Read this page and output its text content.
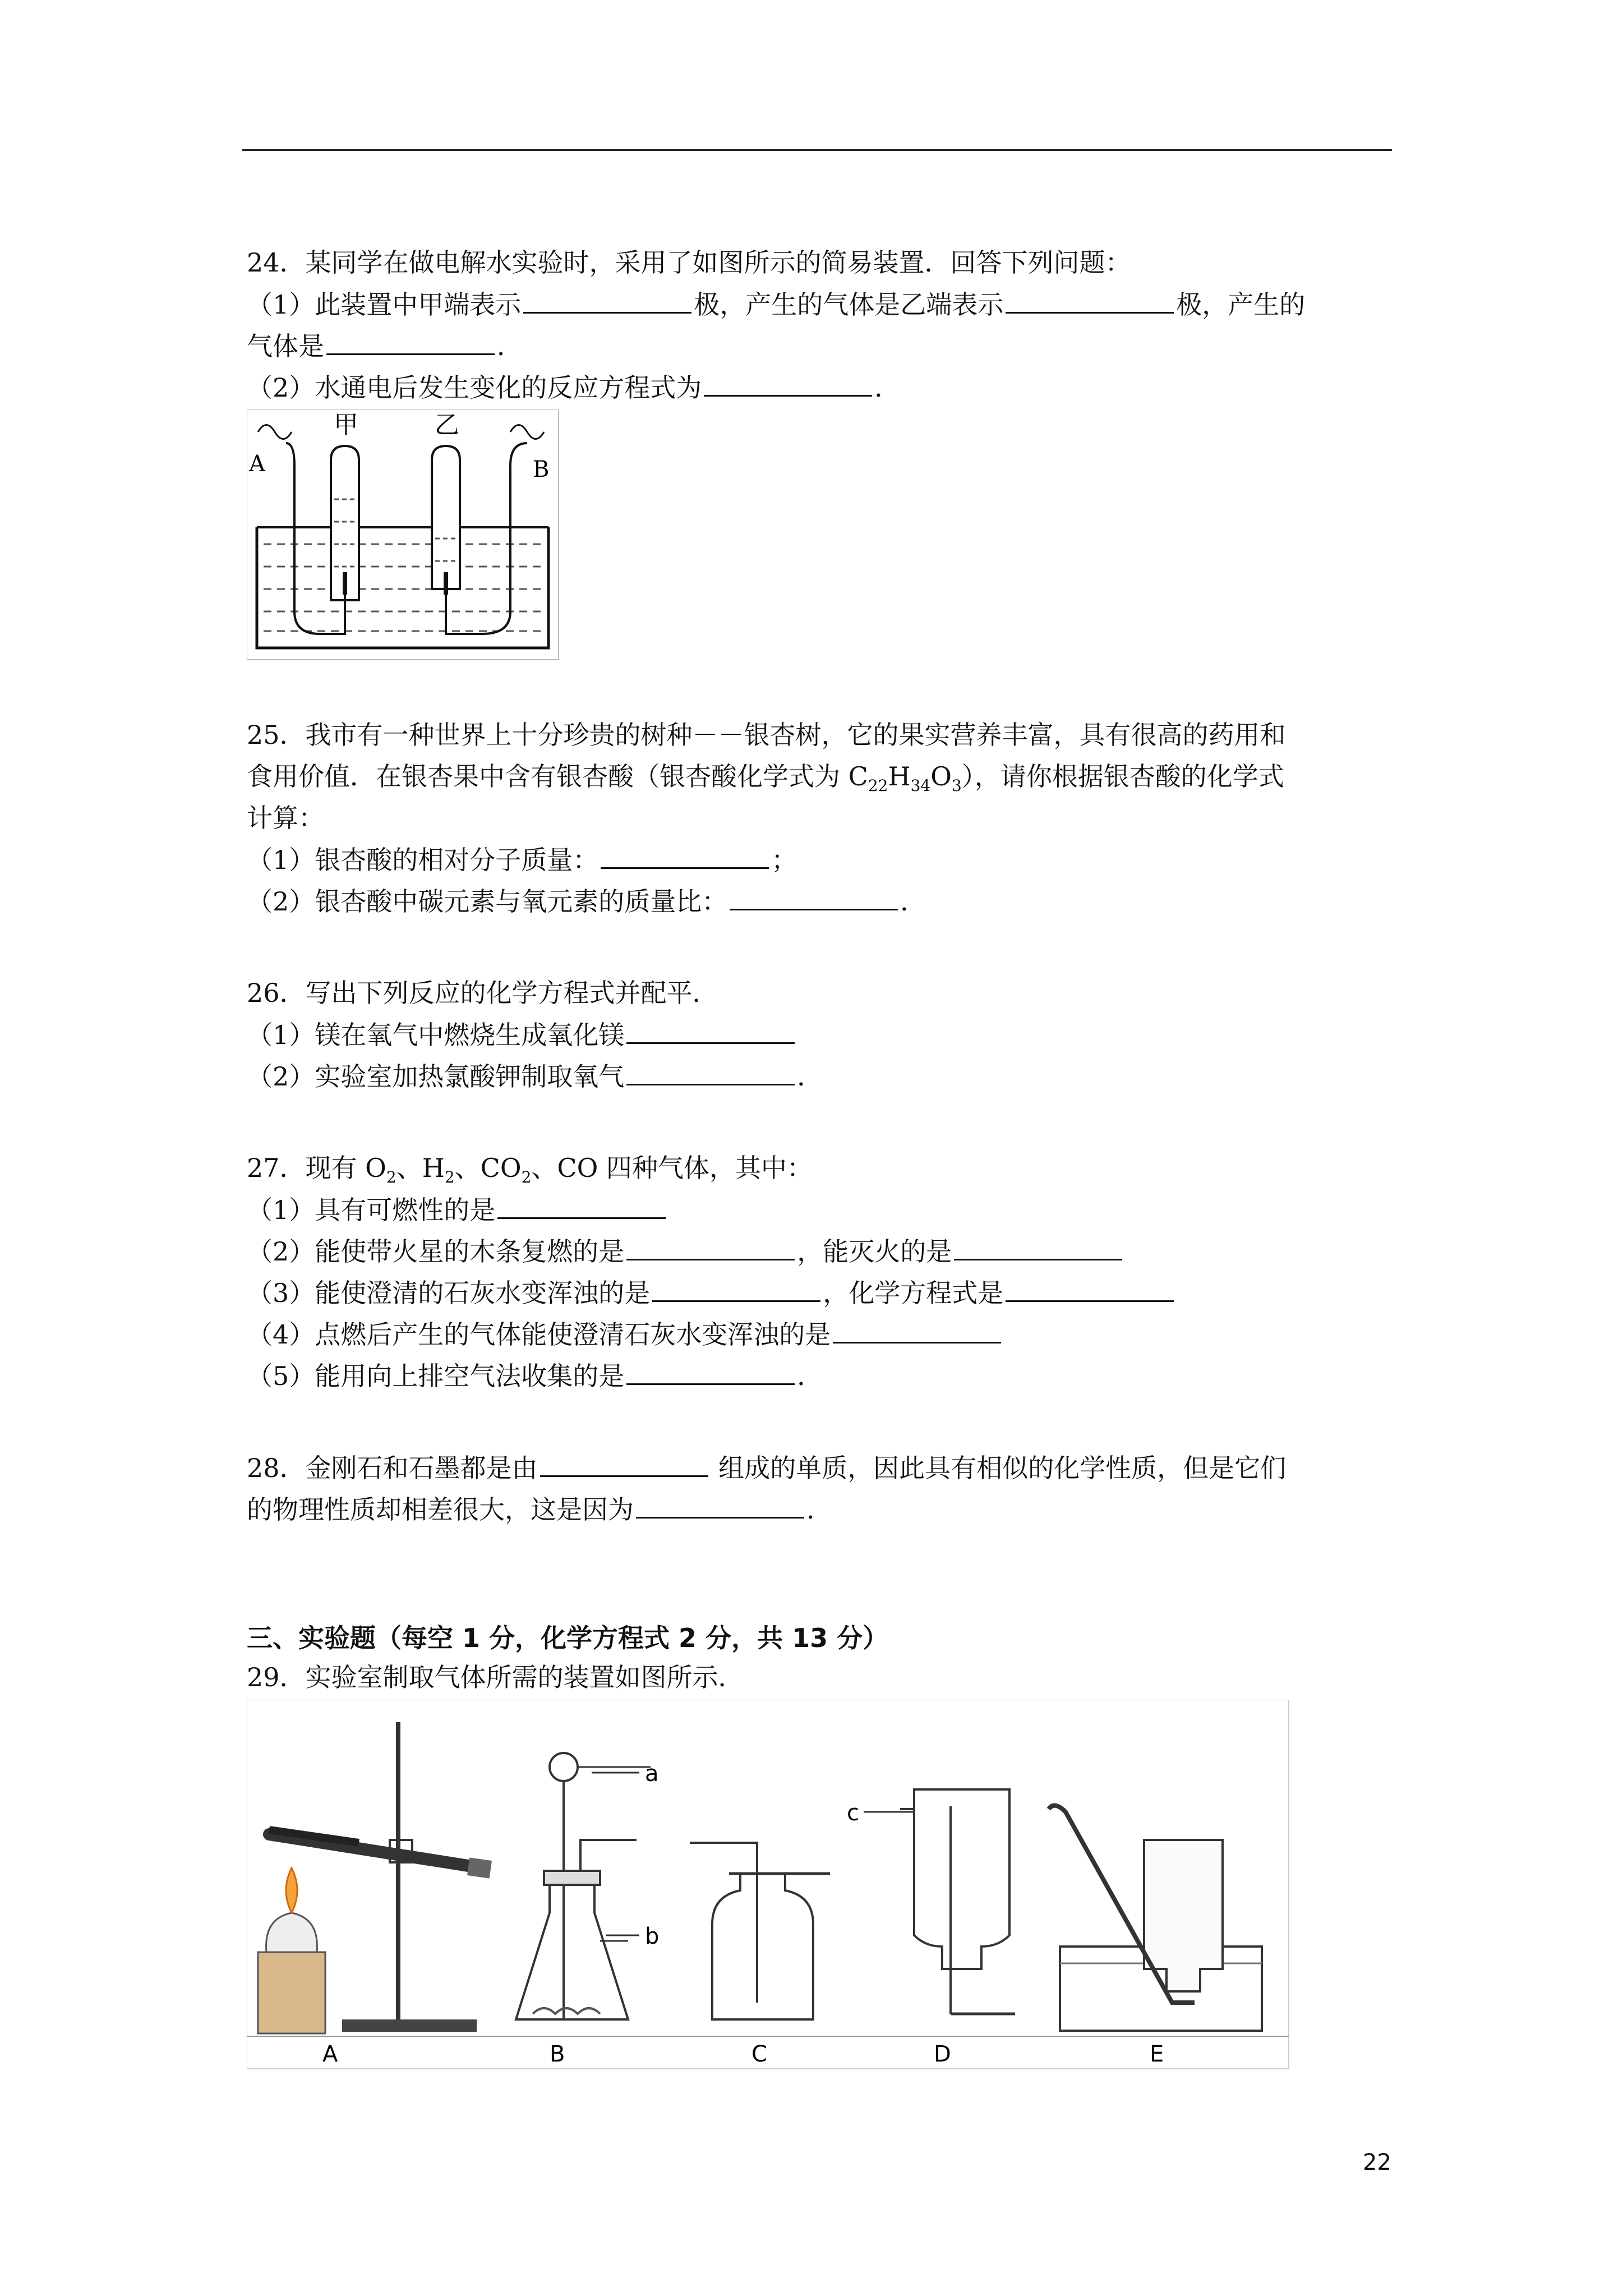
24．某同学在做电解水实验时，采用了如图所示的简易装置．回答下列问题：
（1）此装置中甲端表示	极，产生的气体是乙端表示	极，产生的
气体是	．
（2）水通电后发生变化的反应方程式为	．
甲	乙
A	B
25．我市有一种世界上十分珍贵的树种－－银杏树，它的果实营养丰富，具有很高的药用和
食用价值．在银杏果中含有银杏酸（银杏酸化学式为 $C_{22}H_{34}O_3$），请你根据银杏酸的化学式
计算：
（1）银杏酸的相对分子质量：	；
（2）银杏酸中碳元素与氧元素的质量比：	．
26．写出下列反应的化学方程式并配平．
（1）镁在氧气中燃烧生成氧化镁
（2）实验室加热氯酸钾制取氧气	．
27．现有 $O_2$、$H_2$、$CO_2$、CO 四种气体，其中：
（1）具有可燃性的是
（2）能使带火星的木条复燃的是	，能灭火的是
（3）能使澄清的石灰水变浑浊的是	，化学方程式是
（4）点燃后产生的气体能使澄清石灰水变浑浊的是
（5）能用向上排空气法收集的是	．
28．金刚石和石墨都是由	组成的单质，因此具有相似的化学性质，但是它们
的物理性质却相差很大，这是因为	．
三、实验题（每空 1 分，化学方程式 2 分，共 13 分）
29．实验室制取气体所需的装置如图所示．
a
b
c
A	B	C	D	E
22
